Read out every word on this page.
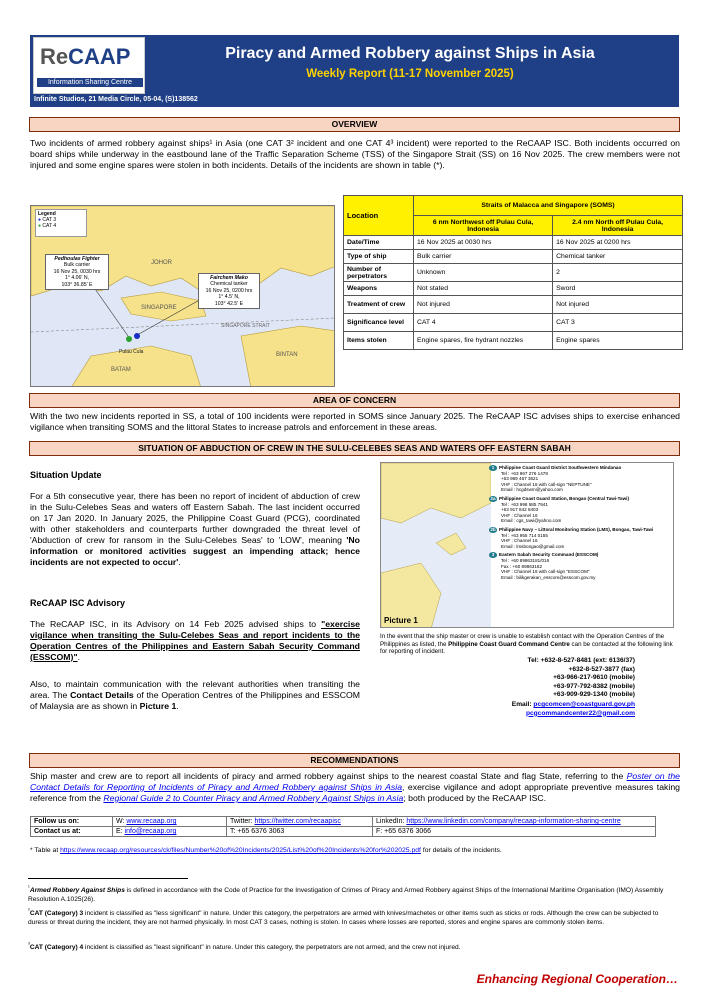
ReCAAP
Information Sharing Centre
Piracy and Armed Robbery against Ships in Asia
Weekly Report (11-17 November 2025)
Infinite Studios, 21 Media Circle, 05-04, (S)138562
OVERVIEW
Two incidents of armed robbery against ships¹ in Asia (one CAT 3² incident and one CAT 4³ incident) were reported to the ReCAAP ISC. Both incidents occurred on board ships while underway in the eastbound lane of the Traffic Separation Scheme (TSS) of the Singapore Strait (SS) on 16 Nov 2025. The crew members were not injured and some engine spares were stolen in both incidents. Details of the incidents are shown in table (*).
JOHOR
SINGAPORE
BATAM
BINTAN
SINGAPORE STRAIT
Pulau Cula
Legend
● CAT 3
● CAT 4
Pedhoulas Fighter
Bulk carrier
16 Nov 25, 0030 hrs
1° 4.06' N,
103° 36.85' E
Fairchem Mako
Chemical tanker
16 Nov 25, 0200 hrs
1° 4.5' N,
103° 42.5' E
Location	Straits of Malacca and Singapore (SOMS)	
	6 nm Northwest off Pulau Cula, Indonesia	2.4 nm North off Pulau Cula, Indonesia
Date/Time	16 Nov 2025 at 0030 hrs	16 Nov 2025 at 0200 hrs
Type of ship	Bulk carrier	Chemical tanker
Number of perpetrators	Unknown	2
Weapons	Not stated	Sword
Treatment of crew	Not injured	Not injured
Significance level	CAT 4	CAT 3
Items stolen	Engine spares, fire hydrant nozzles	Engine spares
AREA OF CONCERN
With the two new incidents reported in SS, a total of 100 incidents were reported in SOMS since January 2025. The ReCAAP ISC advises ships to exercise enhanced vigilance when transiting SOMS and the littoral States to increase patrols and enforcement in these areas.
SITUATION OF ABDUCTION OF CREW IN THE SULU-CELEBES SEAS AND WATERS OFF EASTERN SABAH
Situation Update
For a 5th consecutive year, there has been no report of incident of abduction of crew in the Sulu-Celebes Seas and waters off Eastern Sabah. The last incident occurred on 17 Jan 2020. In January 2025, the Philippine Coast Guard (PCG), coordinated with other stakeholders and counterparts further downgraded the threat level of 'Abduction of crew for ransom in the Sulu-Celebes Seas' to 'LOW', meaning 'No information or monitored activities suggest an impending attack; hence incidents are not expected to occur'.
ReCAAP ISC Advisory
The ReCAAP ISC, in its Advisory on 14 Feb 2025 advised ships to "exercise vigilance when transiting the Sulu-Celebes Seas and report incidents to the Operation Centres of the Philippines and Eastern Sabah Security Command (ESSCOM)".
Also, to maintain communication with the relevant authorities when transiting the area. The Contact Details of the Operation Centres of the Philippines and ESSCOM of Malaysia are as shown in Picture 1.
Picture 1
1 Philippine Coast Guard District Southwestern Mindanao
Tel : +63 967 276 1478
+63 969 467 3621
VHF : Channel 16 with call-sign "NEPTUNE"
Email : hcgdswm@yahoo.com
2a Philippine Coast Guard Station, Bongao (Central Tawi-Tawi)
Tel : +63 998 585 7941
+63 917 842 8403
VHF : Channel 16
Email : cgs_tawi@yahoo.com
2b Philippine Navy – Littoral Monitoring Station (LMS), Bongao, Tawi-Tawi
Tel : +63 955 714 0155
VHF : Channel 16
Email : lmsbongao@gmail.com
3 Eastern Sabah Security Command (ESSCOM)
Tel : +60 89863181/016
Fax : +60 89863182
VHF : Channel 16 with call-sign "ESSCOM"
Email : bilikgerakan_esscom@esscom.gov.my
In the event that the ship master or crew is unable to establish contact with the Operation Centres of the Philippines as listed, the Philippine Coast Guard Command Centre can be contacted at the following link for reporting of incident.
Tel: +632-8-527-8481 (ext: 6136/37)
+632-8-527-3877 (fax)
+63-966-217-9610 (mobile)
+63-977-792-8382 (mobile)
+63-909-929-1340 (mobile)
Email: pcgcomcen@coastguard.gov.ph
pcgcommandcenter22@gmail.com
RECOMMENDATIONS
Ship master and crew are to report all incidents of piracy and armed robbery against ships to the nearest coastal State and flag State, referring to the Poster on the Contact Details for Reporting of Incidents of Piracy and Armed Robbery against Ships in Asia, exercise vigilance and adopt appropriate preventive measures taking reference from the Regional Guide 2 to Counter Piracy and Armed Robbery Against Ships in Asia; both produced by the ReCAAP ISC.
Follow us on:	W: www.recaap.org	Twitter: https://twitter.com/recaapisc	LinkedIn: https://www.linkedin.com/company/recaap-information-sharing-centre
Contact us at:	E: info@recaap.org	T: +65 6376 3063	F: +65 6376 3066
* Table at https://www.recaap.org/resources/ck/files/Number%20of%20Incidents/2025/List%20of%20Incidents%20for%202025.pdf for details of the incidents.
$^{^1}$Armed Robbery Against Ships is defined in accordance with the Code of Practice for the Investigation of Crimes of Piracy and Armed Robbery against Ships of the International Maritime Organisation (IMO) Assembly Resolution A.1025(26).
$^{^2}$CAT (Category) 3 incident is classified as "less significant" in nature. Under this category, the perpetrators are armed with knives/machetes or other items such as sticks or rods. Although the crew can be subjected to duress or threat during the incident, they are not harmed physically. In most CAT 3 cases, nothing is stolen. In cases where losses are reported, stores and engine spares are commonly stolen items.
$^{^3}$CAT (Category) 4 incident is classified as "least significant" in nature. Under this category, the perpetrators are not armed, and the crew not injured.
Enhancing Regional Cooperation…
